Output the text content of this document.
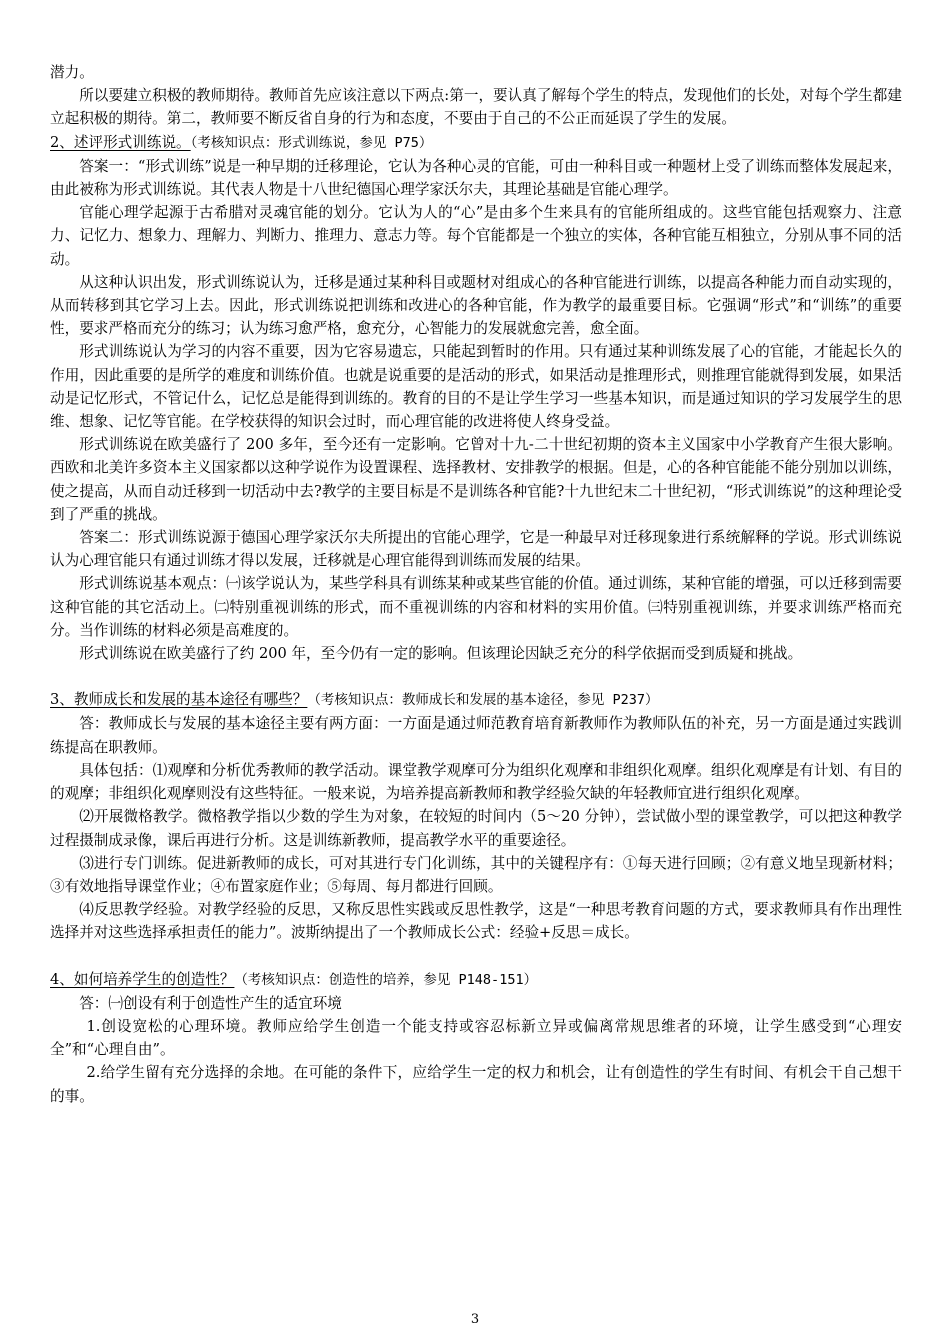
潜力。

所以要建立积极的教师期待。教师首先应该注意以下两点:第一，要认真了解每个学生的特点，发现他们的长处，对每个学生都建立起积极的期待。第二，教师要不断反省自身的行为和态度，不要由于自己的不公正而延误了学生的发展。

2、述评形式训练说。（考核知识点：形式训练说，参见 P75）

答案一：“形式训练”说是一种早期的迁移理论，它认为各种心灵的官能，可由一种科目或一种题材上受了训练而整体发展起来，由此被称为形式训练说。其代表人物是十八世纪德国心理学家沃尔夫，其理论基础是官能心理学。

官能心理学起源于古希腊对灵魂官能的划分。它认为人的“心”是由多个生来具有的官能所组成的。这些官能包括观察力、注意力、记忆力、想象力、理解力、判断力、推理力、意志力等。每个官能都是一个独立的实体，各种官能互相独立，分别从事不同的活动。

从这种认识出发，形式训练说认为，迁移是通过某种科目或题材对组成心的各种官能进行训练，以提高各种能力而自动实现的，从而转移到其它学习上去。因此，形式训练说把训练和改进心的各种官能，作为教学的最重要目标。它强调“形式”和“训练”的重要性，要求严格而充分的练习；认为练习愈严格，愈充分，心智能力的发展就愈完善，愈全面。

形式训练说认为学习的内容不重要，因为它容易遗忘，只能起到暂时的作用。只有通过某种训练发展了心的官能，才能起长久的作用，因此重要的是所学的难度和训练价值。也就是说重要的是活动的形式，如果活动是推理形式，则推理官能就得到发展，如果活动是记忆形式，不管记什么，记忆总是能得到训练的。教育的目的不是让学生学习一些基本知识，而是通过知识的学习发展学生的思维、想象、记忆等官能。在学校获得的知识会过时，而心理官能的改进将使人终身受益。

形式训练说在欧美盛行了 200 多年，至今还有一定影响。它曾对十九-二十世纪初期的资本主义国家中小学教育产生很大影响。西欧和北美许多资本主义国家都以这种学说作为设置课程、选择教材、安排教学的根据。但是，心的各种官能能不能分别加以训练，使之提高，从而自动迁移到一切活动中去?教学的主要目标是不是训练各种官能?十九世纪末二十世纪初，“形式训练说”的这种理论受到了严重的挑战。

答案二：形式训练说源于德国心理学家沃尔夫所提出的官能心理学，它是一种最早对迁移现象进行系统解释的学说。形式训练说认为心理官能只有通过训练才得以发展，迁移就是心理官能得到训练而发展的结果。

形式训练说基本观点：㈠该学说认为，某些学科具有训练某种或某些官能的价值。通过训练，某种官能的增强，可以迁移到需要这种官能的其它活动上。㈡特别重视训练的形式，而不重视训练的内容和材料的实用价值。㈢特别重视训练，并要求训练严格而充分。当作训练的材料必须是高难度的。

形式训练说在欧美盛行了约 200 年，至今仍有一定的影响。但该理论因缺乏充分的科学依据而受到质疑和挑战。

3、教师成长和发展的基本途径有哪些？（考核知识点：教师成长和发展的基本途径，参见 P237）

答：教师成长与发展的基本途径主要有两方面：一方面是通过师范教育培育新教师作为教师队伍的补充，另一方面是通过实践训练提高在职教师。

具体包括：⑴观摩和分析优秀教师的教学活动。课堂教学观摩可分为组织化观摩和非组织化观摩。组织化观摩是有计划、有目的的观摩；非组织化观摩则没有这些特征。一般来说，为培养提高新教师和教学经验欠缺的年轻教师宜进行组织化观摩。

⑵开展微格教学。微格教学指以少数的学生为对象，在较短的时间内（5～20 分钟），尝试做小型的课堂教学，可以把这种教学过程摄制成录像，课后再进行分析。这是训练新教师，提高教学水平的重要途径。

⑶进行专门训练。促进新教师的成长，可对其进行专门化训练，其中的关键程序有：①每天进行回顾；②有意义地呈现新材料；③有效地指导课堂作业；④布置家庭作业；⑤每周、每月都进行回顾。

⑷反思教学经验。对教学经验的反思，又称反思性实践或反思性教学，这是“一种思考教育问题的方式，要求教师具有作出理性选择并对这些选择承担责任的能力”。波斯纳提出了一个教师成长公式：经验+反思＝成长。

4、如何培养学生的创造性？（考核知识点：创造性的培养，参见 P148-151）

答：㈠创设有利于创造性产生的适宜环境

1.创设宽松的心理环境。教师应给学生创造一个能支持或容忍标新立异或偏离常规思维者的环境，让学生感受到“心理安全”和“心理自由”。

2.给学生留有充分选择的余地。在可能的条件下，应给学生一定的权力和机会，让有创造性的学生有时间、有机会干自己想干的事。

3
